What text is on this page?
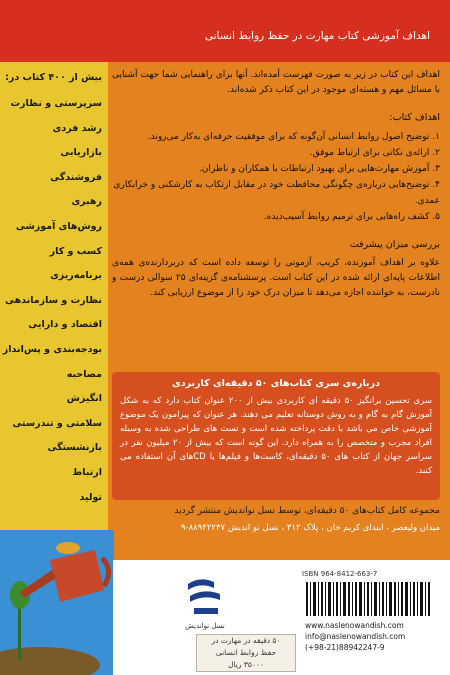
اهداف آموزشی کتاب مهارت در حفظ روابط انسانی
بیش از ۴۰۰ کتاب در:
سرپرستی و نظارت
رشد فردی
بازاریابی
فروشندگی
رهبری
روش‌های آموزشی
کسب و کار
برنامه‌ریزی
نظارت و سازماندهی
اقتصاد و دارایی
بودجه‌بندی و پس‌انداز
مصاحبه
انگیزش
سلامتی و تندرستی
بازنشستگی
ارتباط
تولید

اهداف این کتاب در زیر به صورت فهرست آمده‌اند. آنها برای راهنمایی شما جهت آشنایی با مسائل مهم و هسته‌ای موجود در این کتاب ذکر شده‌اند.

اهداف کتاب:
۱. توضیح اصول روابط انسانی آن‌گونه که برای موفقیت حرفه‌ای به‌کار می‌روند.
۲. ارائه‌ی نکاتی برای ارتباط موفق.
۳. آموزش مهارت‌هایی برای بهبود ارتباطات با همکاران و ناظران.
۴. توضیح‌هایی درباره‌ی چگونگی محافظت خود در مقابل ارتکاب به کارشکنی و خرابکاری عمدی.
۵. کشف راه‌هایی برای ترمیم روابط آسیب‌دیده.
بررسی میزان پیشرفت

علاوه بر اهداف آموزنده، کریپ، آزمونی را توسعه داده است که دربردارنده‌ی همه‌ی اطلاعات پایه‌ای ارائه شده در این کتاب است. پرسشنامه‌ی گزینه‌ای ۲۵ سوالی درست و نادرست، به خواننده اجازه می‌دهد تا میزان درک خود را از موضوع ارزیابی کند.

درباره‌ی سری کتاب‌های ۵۰ دقیقه‌ای کاربردی

سری تحسین برانگیز ۵۰ دقیقه ای کاربردی بیش از ۲۰۰ عنوان کتاب دارد که به شکل آموزش گام به گام و به روش دوستانه تعلیم می دهند. هر عنوان که پیرامون یک موضوع آموزشی خاص می باشد با دقت پرداخته شده است و تست های طراحی شده به وسیله افراد مجرب و متخصص را به همراه دارد. این گونه است که بیش از ۲۰ میلیون نفر در سراسر جهان از کتاب های ۵۰ دقیقه‌ای، کاست‌ها و فیلم‌ها یا CDهای آن استفاده می کنند.

مجموعه کامل کتاب‌های ۵۰ دقیقه‌ای، توسط نسل نواندیش منتشر گردید
میدان ولیعصر ، ابتدای کریم خان ، پلاک ۳۱۲ ، نسل نو اندیش ۸۸۹۴۲۲۴۷-۹
نسل نواندیش
ISBN 964-8412-663-7
www.naslenowandish.com
info@naslenowandish.com
(+98-21)88942247-9
۵۰ دقیقه در مهارت در
حفظ روابط انسانی
۳۵۰۰۰ ریال
